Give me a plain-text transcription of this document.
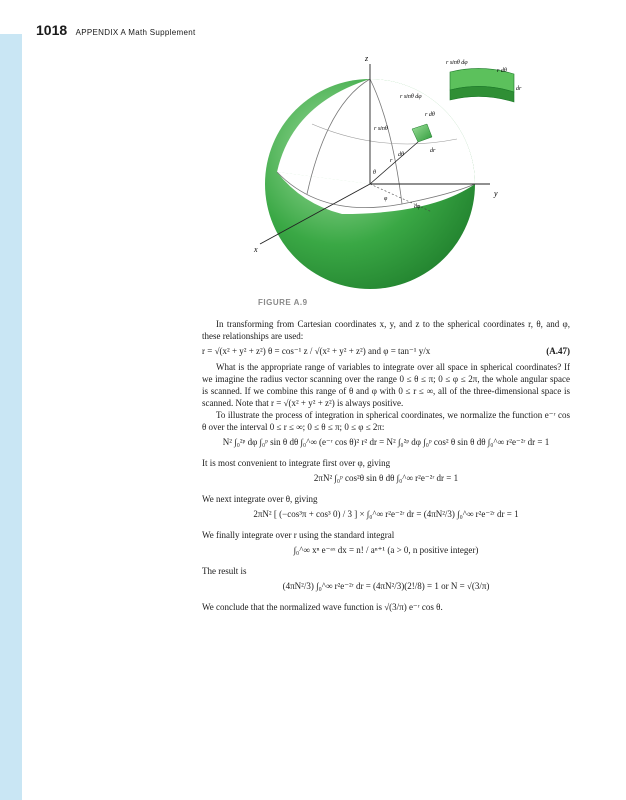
1018 APPENDIX A Math Supplement
z
y
x
r sinθ dφ
r dθ
dr
r sinθ dφ
r dθ
r sinθ
dr
r
dθ
θ
φ
dφ
FIGURE A.9

In transforming from Cartesian coordinates x, y, and z to the spherical coordinates r, θ, and φ, these relationships are used:

r = √(x² + y² + z²) θ = cos⁻¹ z / √(x² + y² + z²) and φ = tan⁻¹ y/x	(A.47)

What is the appropriate range of variables to integrate over all space in spherical coordinates? If we imagine the radius vector scanning over the range 0 ≤ θ ≤ π; 0 ≤ φ ≤ 2π, the whole angular space is scanned. If we combine this range of θ and φ with 0 ≤ r ≤ ∞, all of the three-dimensional space is scanned. Note that r = √(x² + y² + z²) is always positive.

To illustrate the process of integration in spherical coordinates, we normalize the function e⁻ʳ cos θ over the interval 0 ≤ r ≤ ∞; 0 ≤ θ ≤ π; 0 ≤ φ ≤ 2π:

N² ∫₀²ᵖ dφ ∫₀ᵖ sin θ dθ ∫₀^∞ (e⁻ʳ cos θ)² r² dr = N² ∫₀²ᵖ dφ ∫₀ᵖ cos² θ sin θ dθ ∫₀^∞ r²e⁻²ʳ dr = 1

It is most convenient to integrate first over φ, giving

2πN² ∫₀ᵖ cos²θ sin θ dθ ∫₀^∞ r²e⁻²ʳ dr = 1

We next integrate over θ, giving

2πN² [ (−cos³π + cos³ 0) / 3 ] × ∫₀^∞ r²e⁻²ʳ dr = (4πN²/3) ∫₀^∞ r²e⁻²ʳ dr = 1

We finally integrate over r using the standard integral

∫₀^∞ xⁿ e⁻ᵃˣ dx = n! / aⁿ⁺¹ (a > 0, n positive integer)

The result is

(4πN²/3) ∫₀^∞ r²e⁻²ʳ dr = (4πN²/3)(2!/8) = 1 or N = √(3/π)

We conclude that the normalized wave function is √(3/π) e⁻ʳ cos θ.
